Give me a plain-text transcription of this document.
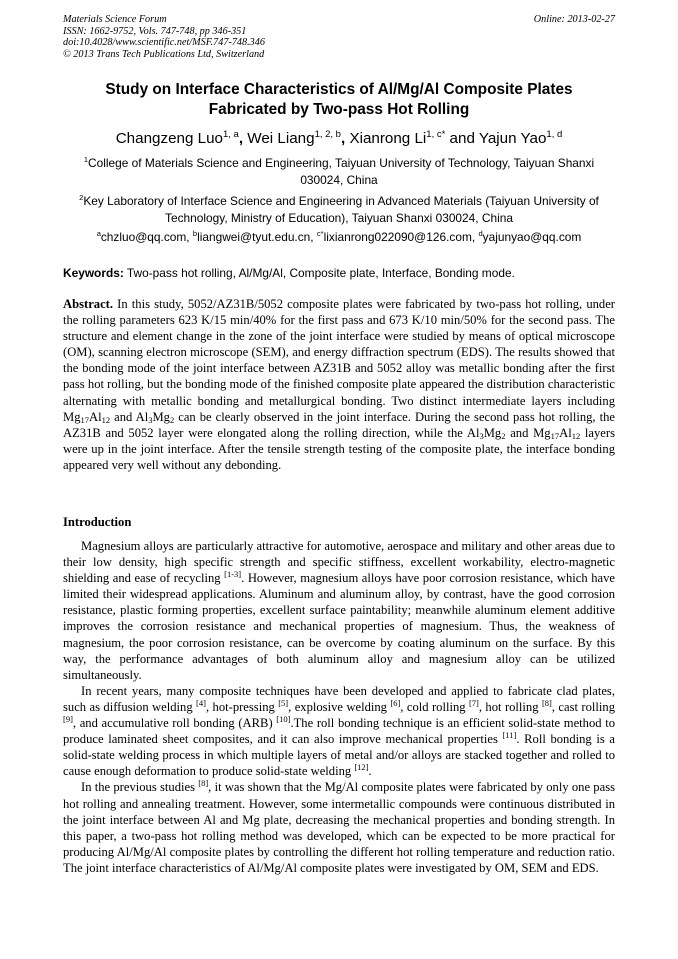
Materials Science Forum
ISSN: 1662-9752, Vols. 747-748, pp 346-351
doi:10.4028/www.scientific.net/MSF.747-748.346
© 2013 Trans Tech Publications Ltd, Switzerland
Online: 2013-02-27
Study on Interface Characteristics of Al/Mg/Al Composite Plates
Fabricated by Two-pass Hot Rolling
Changzeng Luo$^{1, a}$, Wei Liang$^{1, 2, b}$, Xianrong $Li^{1, c*}$ and Yajun Yao$^{1, d}$
$^1$College of Materials Science and Engineering, Taiyuan University of Technology, Taiyuan Shanxi
030024, China
$^2$Key Laboratory of Interface Science and Engineering in Advanced Materials (Taiyuan University of
Technology, Ministry of Education), Taiyuan Shanxi 030024, China
$^a$chzluo@qq.com, $^b$liangwei@tyut.edu.cn, $^{c*}$lixianrong022090@126.com, $^d$yajunyao@qq.com
Keywords: Two-pass hot rolling, Al/Mg/Al, Composite plate, Interface, Bonding mode.
Abstract. In this study, 5052/AZ31B/5052 composite plates were fabricated by two-pass hot rolling, under the rolling parameters 623 K/15 min/40% for the first pass and 673 K/10 min/50% for the second pass. The structure and element change in the zone of the joint interface were studied by means of optical microscope (OM), scanning electron microscope (SEM), and energy diffraction spectrum (EDS). The results showed that the bonding mode of the joint interface between AZ31B and 5052 alloy was metallic bonding after the first pass hot rolling, but the bonding mode of the finished composite plate appeared the distribution characteristic alternating with metallic bonding and metallurgical bonding. Two distinct intermediate layers including $Mg_{17}Al_{12}$ and $Al_3Mg_2$ can be clearly observed in the joint interface. During the second pass hot rolling, the AZ31B and 5052 layer were elongated along the rolling direction, while the $Al_3Mg_2$ and $Mg_{17}Al_{12}$ layers were up in the joint interface. After the tensile strength testing of the composite plate, the interface bonding appeared very well without any debonding.
Introduction

Magnesium alloys are particularly attractive for automotive, aerospace and military and other areas due to their low density, high specific strength and specific stiffness, excellent workability, electro-magnetic shielding and ease of recycling [1-3]. However, magnesium alloys have poor corrosion resistance, which have limited their widespread applications. Aluminum and aluminum alloy, by contrast, have the good corrosion resistance, plastic forming properties, excellent surface paintability; meanwhile aluminum element additive improves the corrosion resistance and mechanical properties of magnesium. Thus, the weakness of magnesium, the poor corrosion resistance, can be overcome by coating aluminum on the surface. By this way, the performance advantages of both aluminum alloy and magnesium alloy can be utilized simultaneously.

In recent years, many composite techniques have been developed and applied to fabricate clad plates, such as diffusion welding [4], hot-pressing [5], explosive welding [6], cold rolling [7], hot rolling [8], cast rolling [9], and accumulative roll bonding (ARB) [10].The roll bonding technique is an efficient solid-state method to produce laminated sheet composites, and it can also improve mechanical properties [11]. Roll bonding is a solid-state welding process in which multiple layers of metal and/or alloys are stacked together and rolled to cause enough deformation to produce solid-state welding [12].

In the previous studies [8], it was shown that the Mg/Al composite plates were fabricated by only one pass hot rolling and annealing treatment. However, some intermetallic compounds were continuous distributed in the joint interface between Al and Mg plate, decreasing the mechanical properties and bonding strength. In this paper, a two-pass hot rolling method was developed, which can be expected to be more practical for producing Al/Mg/Al composite plates by controlling the different hot rolling temperature and reduction ratio. The joint interface characteristics of Al/Mg/Al composite plates were investigated by OM, SEM and EDS.
